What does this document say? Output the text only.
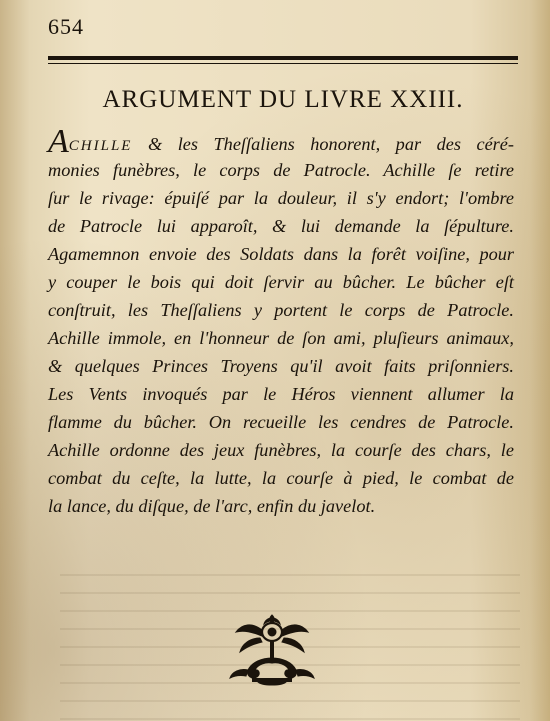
654
ARGUMENT DU LIVRE XXIII.
ACHILLE & les Theſſaliens honorent, par des céré-
monies funèbres, le corps de Patrocle. Achille ſe retire
ſur le rivage: épuiſé par la douleur, il s'y endort; l'ombre
de Patrocle lui apparoît, & lui demande la ſépulture.
Agamemnon envoie des Soldats dans la forêt voiſine, pour
y couper le bois qui doit ſervir au bûcher. Le bûcher eſt
conſtruit, les Theſſaliens y portent le corps de Patrocle.
Achille immole, en l'honneur de ſon ami, pluſieurs animaux,
& quelques Princes Troyens qu'il avoit faits priſonniers.
Les Vents invoqués par le Héros viennent allumer la
flamme du bûcher. On recueille les cendres de Patrocle.
Achille ordonne des jeux funèbres, la courſe des chars, le
combat du ceſte, la lutte, la courſe à pied, le combat de
la lance, du diſque, de l'arc, enfin du javelot.
